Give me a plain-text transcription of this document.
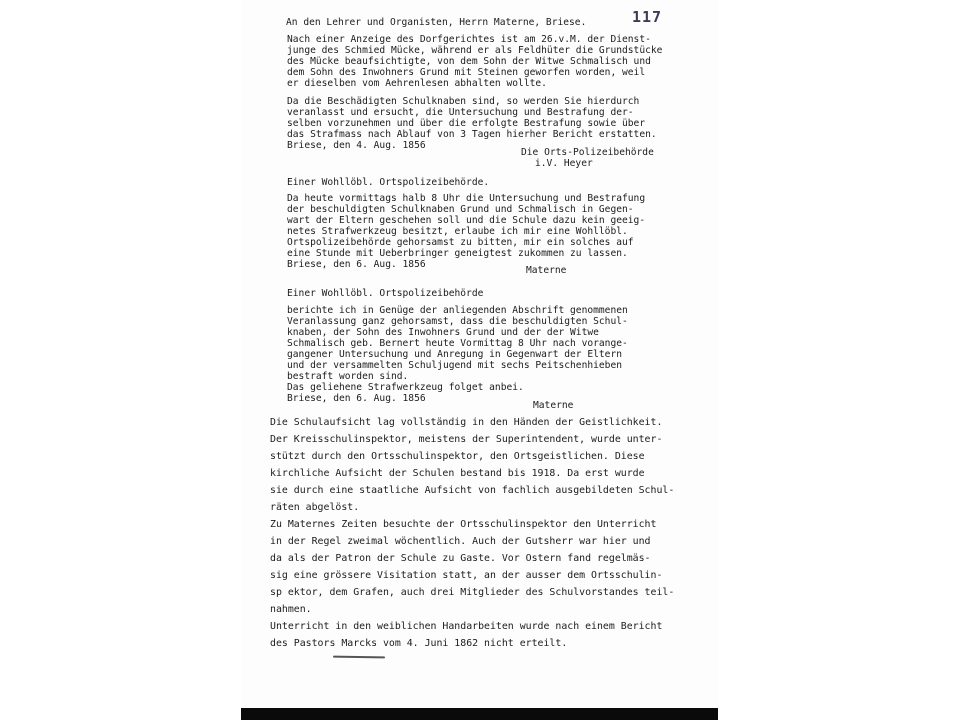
117
An den Lehrer und Organisten, Herrn Materne, Briese.
Nach einer Anzeige des Dorfgerichtes ist am 26.v.M. der Dienst-
junge des Schmied Mücke, während er als Feldhüter die Grundstücke
des Mücke beaufsichtigte, von dem Sohn der Witwe Schmalisch und
dem Sohn des Inwohners Grund mit Steinen geworfen worden, weil
er dieselben vom Aehrenlesen abhalten wollte.
Da die Beschädigten Schulknaben sind, so werden Sie hierdurch
veranlasst und ersucht, die Untersuchung und Bestrafung der-
selben vorzunehmen und über die erfolgte Bestrafung sowie über
das Strafmass nach Ablauf von 3 Tagen hierher Bericht erstatten.
Briese, den 4. Aug. 1856
Die Orts-Polizeibehörde
i.V. Heyer
Einer Wohllöbl. Ortspolizeibehörde.
Da heute vormittags halb 8 Uhr die Untersuchung und Bestrafung
der beschuldigten Schulknaben Grund und Schmalisch in Gegen-
wart der Eltern geschehen soll und die Schule dazu kein geeig-
netes Strafwerkzeug besitzt, erlaube ich mir eine Wohllöbl.
Ortspolizeibehörde gehorsamst zu bitten, mir ein solches auf
eine Stunde mit Ueberbringer geneigtest zukommen zu lassen.
Briese, den 6. Aug. 1856
Materne
Einer Wohllöbl. Ortspolizeibehörde
berichte ich in Genüge der anliegenden Abschrift genommenen
Veranlassung ganz gehorsamst, dass die beschuldigten Schul-
knaben, der Sohn des Inwohners Grund und der der Witwe
Schmalisch geb. Bernert heute Vormittag 8 Uhr nach vorange-
gangener Untersuchung und Anregung in Gegenwart der Eltern
und der versammelten Schuljugend mit sechs Peitschenhieben
bestraft worden sind.
Das geliehene Strafwerkzeug folget anbei.
Briese, den 6. Aug. 1856
Materne
Die Schulaufsicht lag vollständig in den Händen der Geistlichkeit.
Der Kreisschulinspektor, meistens der Superintendent, wurde unter-
stützt durch den Ortsschulinspektor, den Ortsgeistlichen. Diese
kirchliche Aufsicht der Schulen bestand bis 1918. Da erst wurde
sie durch eine staatliche Aufsicht von fachlich ausgebildeten Schul-
räten abgelöst.
Zu Maternes Zeiten besuchte der Ortsschulinspektor den Unterricht
in der Regel zweimal wöchentlich. Auch der Gutsherr war hier und
da als der Patron der Schule zu Gaste. Vor Ostern fand regelmäs-
sig eine grössere Visitation statt, an der ausser dem Ortsschulin-
sp ektor, dem Grafen, auch drei Mitglieder des Schulvorstandes teil-
nahmen.
Unterricht in den weiblichen Handarbeiten wurde nach einem Bericht
des Pastors Marcks vom 4. Juni 1862 nicht erteilt.
